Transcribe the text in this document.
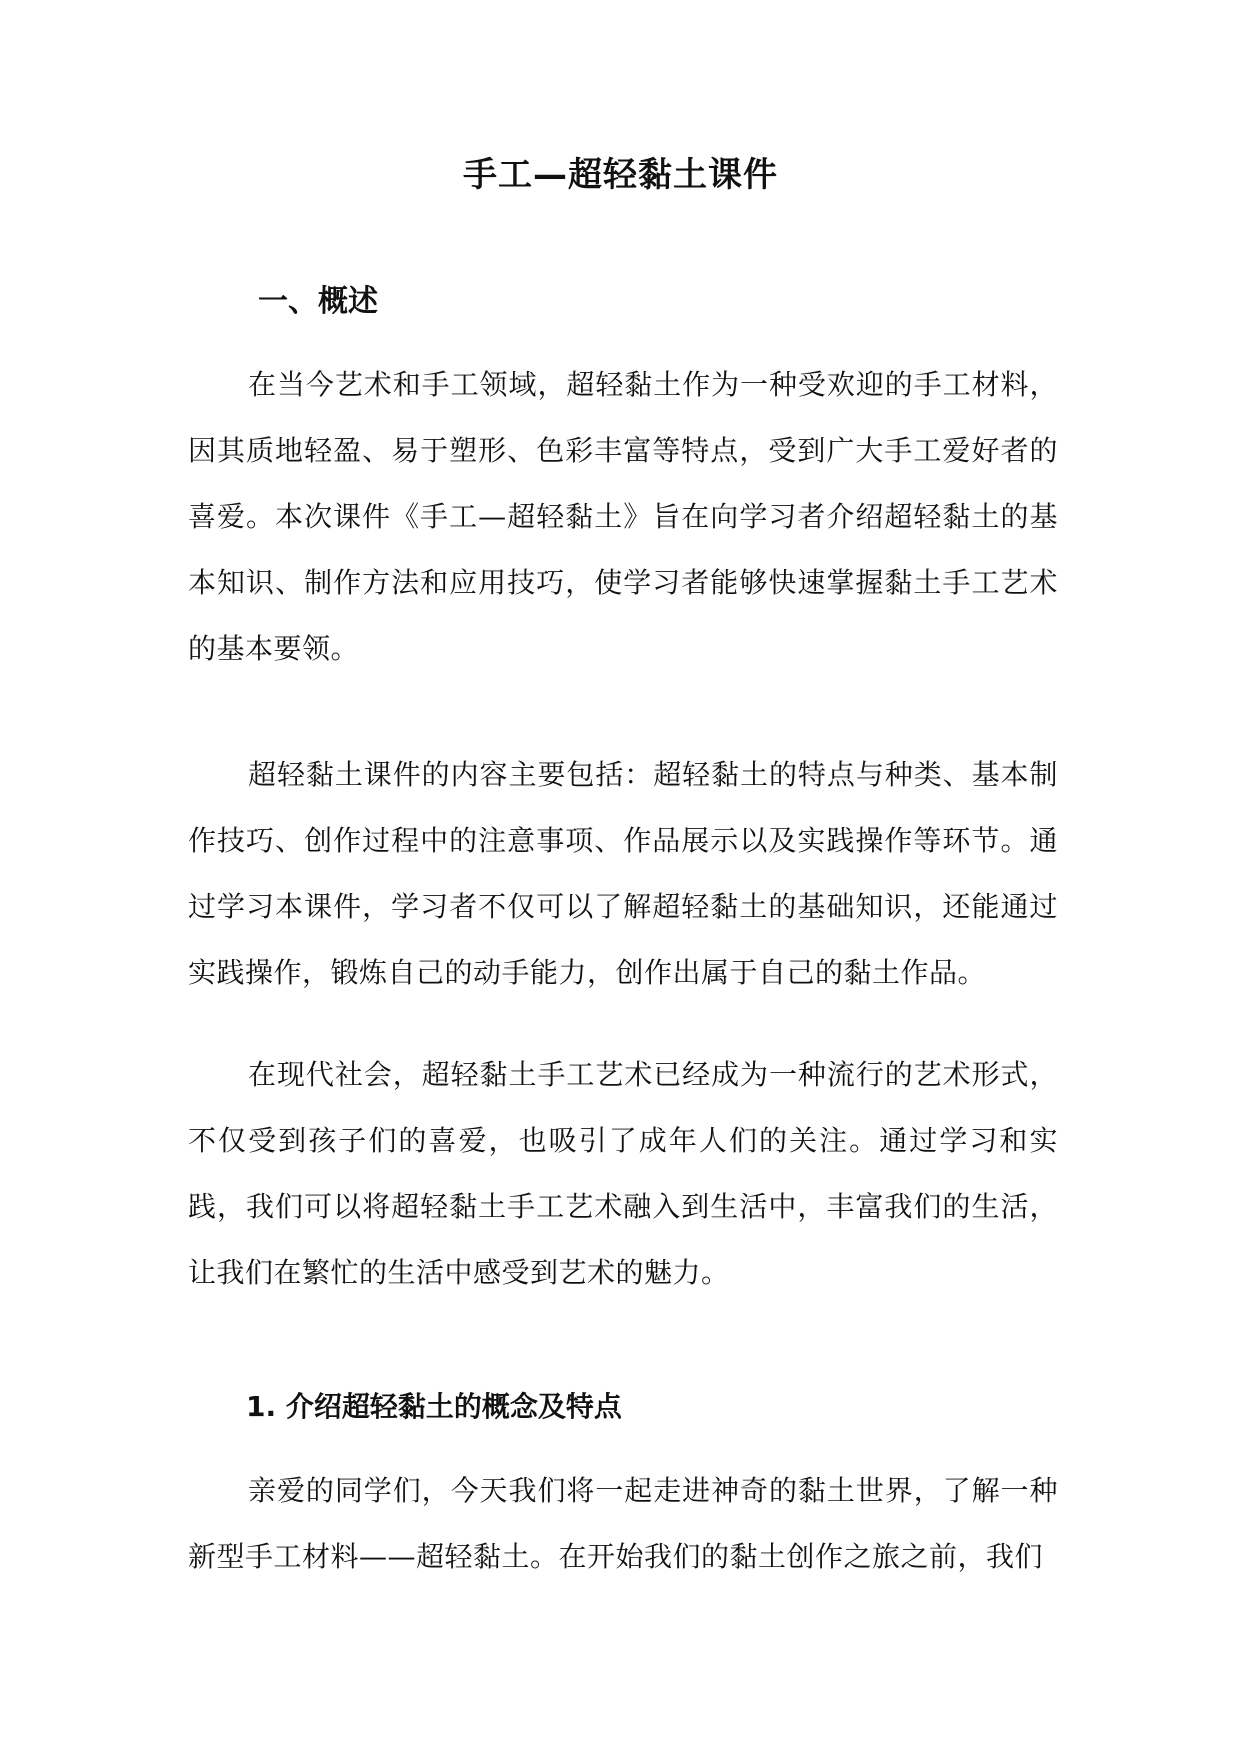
手工—超轻黏土课件
一、概述

在当今艺术和手工领域，超轻黏土作为一种受欢迎的手工材料，因其质地轻盈、易于塑形、色彩丰富等特点，受到广大手工爱好者的喜爱。本次课件《手工—超轻黏土》旨在向学习者介绍超轻黏土的基本知识、制作方法和应用技巧，使学习者能够快速掌握黏土手工艺术的基本要领。

超轻黏土课件的内容主要包括：超轻黏土的特点与种类、基本制作技巧、创作过程中的注意事项、作品展示以及实践操作等环节。通过学习本课件，学习者不仅可以了解超轻黏土的基础知识，还能通过实践操作，锻炼自己的动手能力，创作出属于自己的黏土作品。

在现代社会，超轻黏土手工艺术已经成为一种流行的艺术形式，不仅受到孩子们的喜爱，也吸引了成年人们的关注。通过学习和实践，我们可以将超轻黏土手工艺术融入到生活中，丰富我们的生活，让我们在繁忙的生活中感受到艺术的魅力。

1. 介绍超轻黏土的概念及特点

亲爱的同学们，今天我们将一起走进神奇的黏土世界，了解一种新型手工材料——超轻黏土。在开始我们的黏土创作之旅之前，我们
